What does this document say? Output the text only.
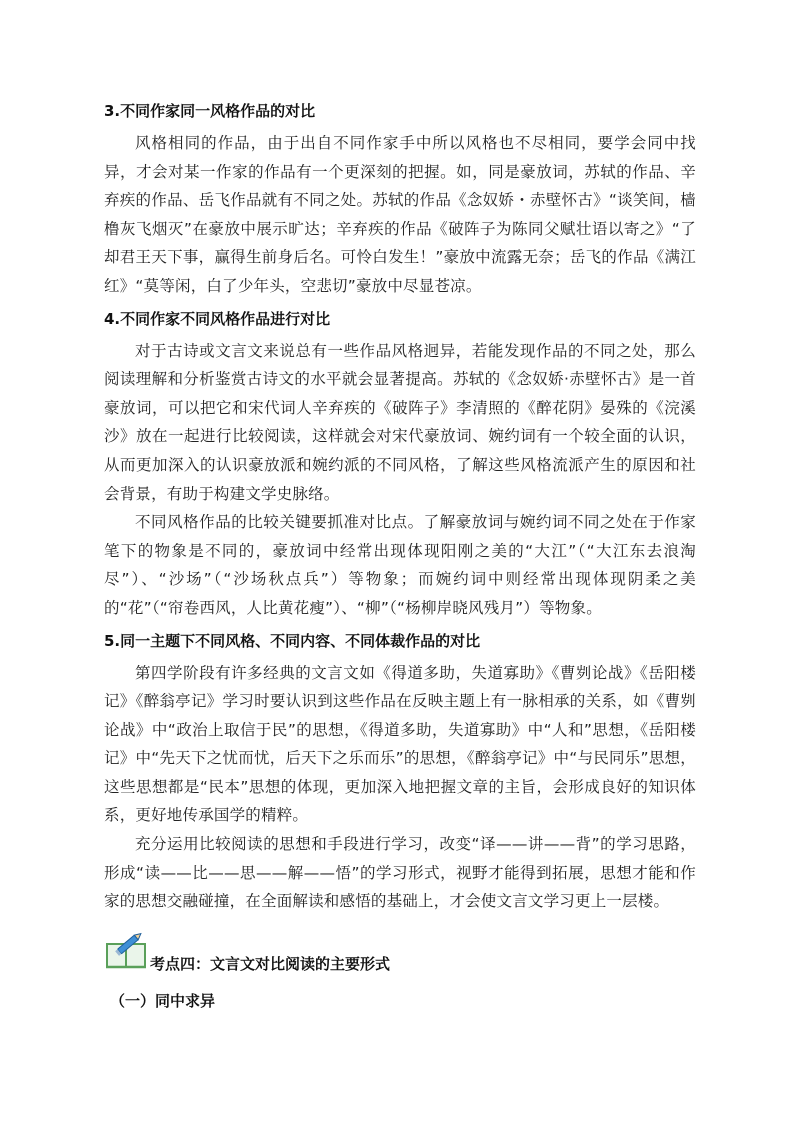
3.不同作家同一风格作品的对比

风格相同的作品，由于出自不同作家手中所以风格也不尽相同，要学会同中找异，才会对某一作家的作品有一个更深刻的把握。如，同是豪放词，苏轼的作品、辛弃疾的作品、岳飞作品就有不同之处。苏轼的作品《念奴娇・赤壁怀古》“谈笑间，樯橹灰飞烟灭”在豪放中展示旷达；辛弃疾的作品《破阵子为陈同父赋壮语以寄之》“了却君王天下事，赢得生前身后名。可怜白发生！”豪放中流露无奈；岳飞的作品《满江红》“莫等闲，白了少年头，空悲切”豪放中尽显苍凉。

4.不同作家不同风格作品进行对比

对于古诗或文言文来说总有一些作品风格迥异，若能发现作品的不同之处，那么阅读理解和分析鉴赏古诗文的水平就会显著提高。苏轼的《念奴娇·赤壁怀古》是一首豪放词，可以把它和宋代词人辛弃疾的《破阵子》李清照的《醉花阴》晏殊的《浣溪沙》放在一起进行比较阅读，这样就会对宋代豪放词、婉约词有一个较全面的认识，从而更加深入的认识豪放派和婉约派的不同风格，了解这些风格流派产生的原因和社会背景，有助于构建文学史脉络。

不同风格作品的比较关键要抓准对比点。了解豪放词与婉约词不同之处在于作家笔下的物象是不同的，豪放词中经常出现体现阳刚之美的“大江”（“大江东去浪淘尽”）、“沙场”（“沙场秋点兵”）等物象；而婉约词中则经常出现体现阴柔之美的“花”（“帘卷西风，人比黄花瘦”）、“柳”（“杨柳岸晓风残月”）等物象。

5.同一主题下不同风格、不同内容、不同体裁作品的对比

第四学阶段有许多经典的文言文如《得道多助，失道寡助》《曹刿论战》《岳阳楼记》《醉翁亭记》学习时要认识到这些作品在反映主题上有一脉相承的关系，如《曹刿论战》中“政治上取信于民”的思想，《得道多助，失道寡助》中“人和”思想，《岳阳楼记》中“先天下之忧而忧，后天下之乐而乐”的思想，《醉翁亭记》中“与民同乐”思想，这些思想都是“民本”思想的体现，更加深入地把握文章的主旨，会形成良好的知识体系，更好地传承国学的精粹。

充分运用比较阅读的思想和手段进行学习，改变“译——讲——背”的学习思路，形成“读——比——思——解——悟”的学习形式，视野才能得到拓展，思想才能和作家的思想交融碰撞，在全面解读和感悟的基础上，才会使文言文学习更上一层楼。

考点四：文言文对比阅读的主要形式
（一）同中求异
